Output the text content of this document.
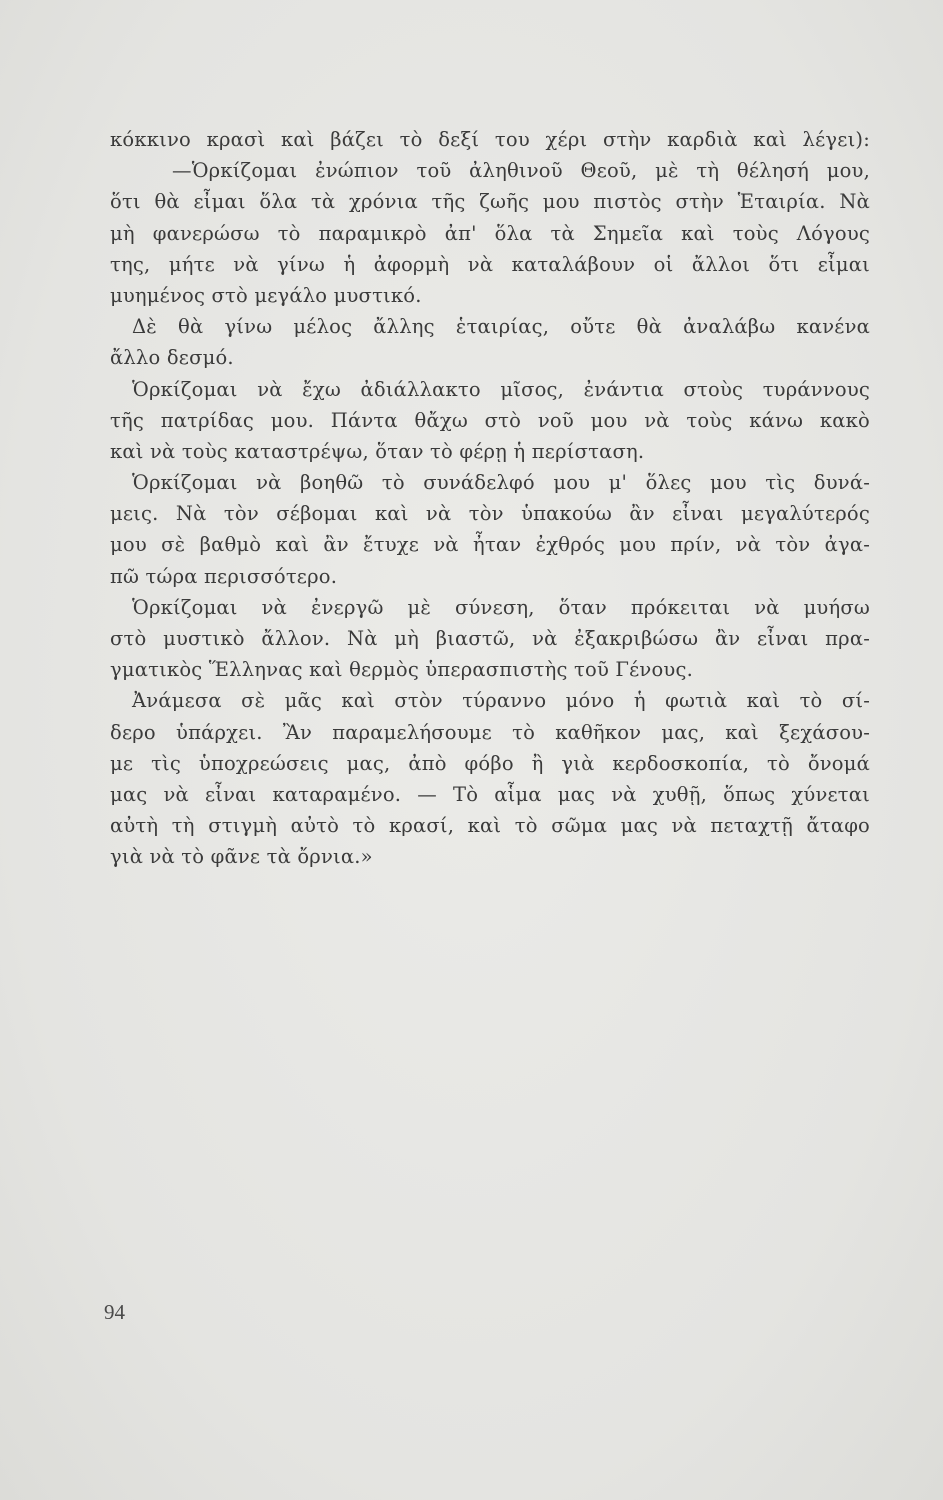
κόκκινο κρασὶ καὶ βάζει τὸ δεξί του χέρι στὴν καρδιὰ καὶ λέγει):
—Ὁρκίζομαι ἐνώπιον τοῦ ἀληθινοῦ Θεοῦ, μὲ τὴ θέλησή μου,
ὅτι θὰ εἶμαι ὅλα τὰ χρόνια τῆς ζωῆς μου πιστὸς στὴν Ἑταιρία. Νὰ
μὴ φανερώσω τὸ παραμικρὸ ἀπ' ὅλα τὰ Σημεῖα καὶ τοὺς Λόγους
της, μήτε νὰ γίνω ἡ ἀφορμὴ νὰ καταλάβουν οἱ ἄλλοι ὅτι εἶμαι
μυημένος στὸ μεγάλο μυστικό.
Δὲ θὰ γίνω μέλος ἄλλης ἑταιρίας, οὔτε θὰ ἀναλάβω κανένα
ἄλλο δεσμό.
Ὁρκίζομαι νὰ ἔχω ἀδιάλλακτο μῖσος, ἐνάντια στοὺς τυράννους
τῆς πατρίδας μου. Πάντα θἄχω στὸ νοῦ μου νὰ τοὺς κάνω κακὸ
καὶ νὰ τοὺς καταστρέψω, ὅταν τὸ φέρῃ ἡ περίσταση.
Ὁρκίζομαι νὰ βοηθῶ τὸ συνάδελφό μου μ' ὅλες μου τὶς δυνά-
μεις. Νὰ τὸν σέβομαι καὶ νὰ τὸν ὑπακούω ἂν εἶναι μεγαλύτερός
μου σὲ βαθμὸ καὶ ἂν ἔτυχε νὰ ἦταν ἐχθρός μου πρίν, νὰ τὸν ἀγα-
πῶ τώρα περισσότερο.
Ὁρκίζομαι νὰ ἐνεργῶ μὲ σύνεση, ὅταν πρόκειται νὰ μυήσω
στὸ μυστικὸ ἄλλον. Νὰ μὴ βιαστῶ, νὰ ἐξακριβώσω ἂν εἶναι πρα-
γματικὸς Ἕλληνας καὶ θερμὸς ὑπερασπιστὴς τοῦ Γένους.
Ἀνάμεσα σὲ μᾶς καὶ στὸν τύραννο μόνο ἡ φωτιὰ καὶ τὸ σί-
δερο ὑπάρχει. Ἂν παραμελήσουμε τὸ καθῆκον μας, καὶ ξεχάσου-
με τὶς ὑποχρεώσεις μας, ἀπὸ φόβο ἢ γιὰ κερδοσκοπία, τὸ ὄνομά
μας νὰ εἶναι καταραμένο. — Τὸ αἷμα μας νὰ χυθῇ, ὅπως χύνεται
αὐτὴ τὴ στιγμὴ αὐτὸ τὸ κρασί, καὶ τὸ σῶμα μας νὰ πεταχτῇ ἄταφο
γιὰ νὰ τὸ φᾶνε τὰ ὄρνια.»
94
